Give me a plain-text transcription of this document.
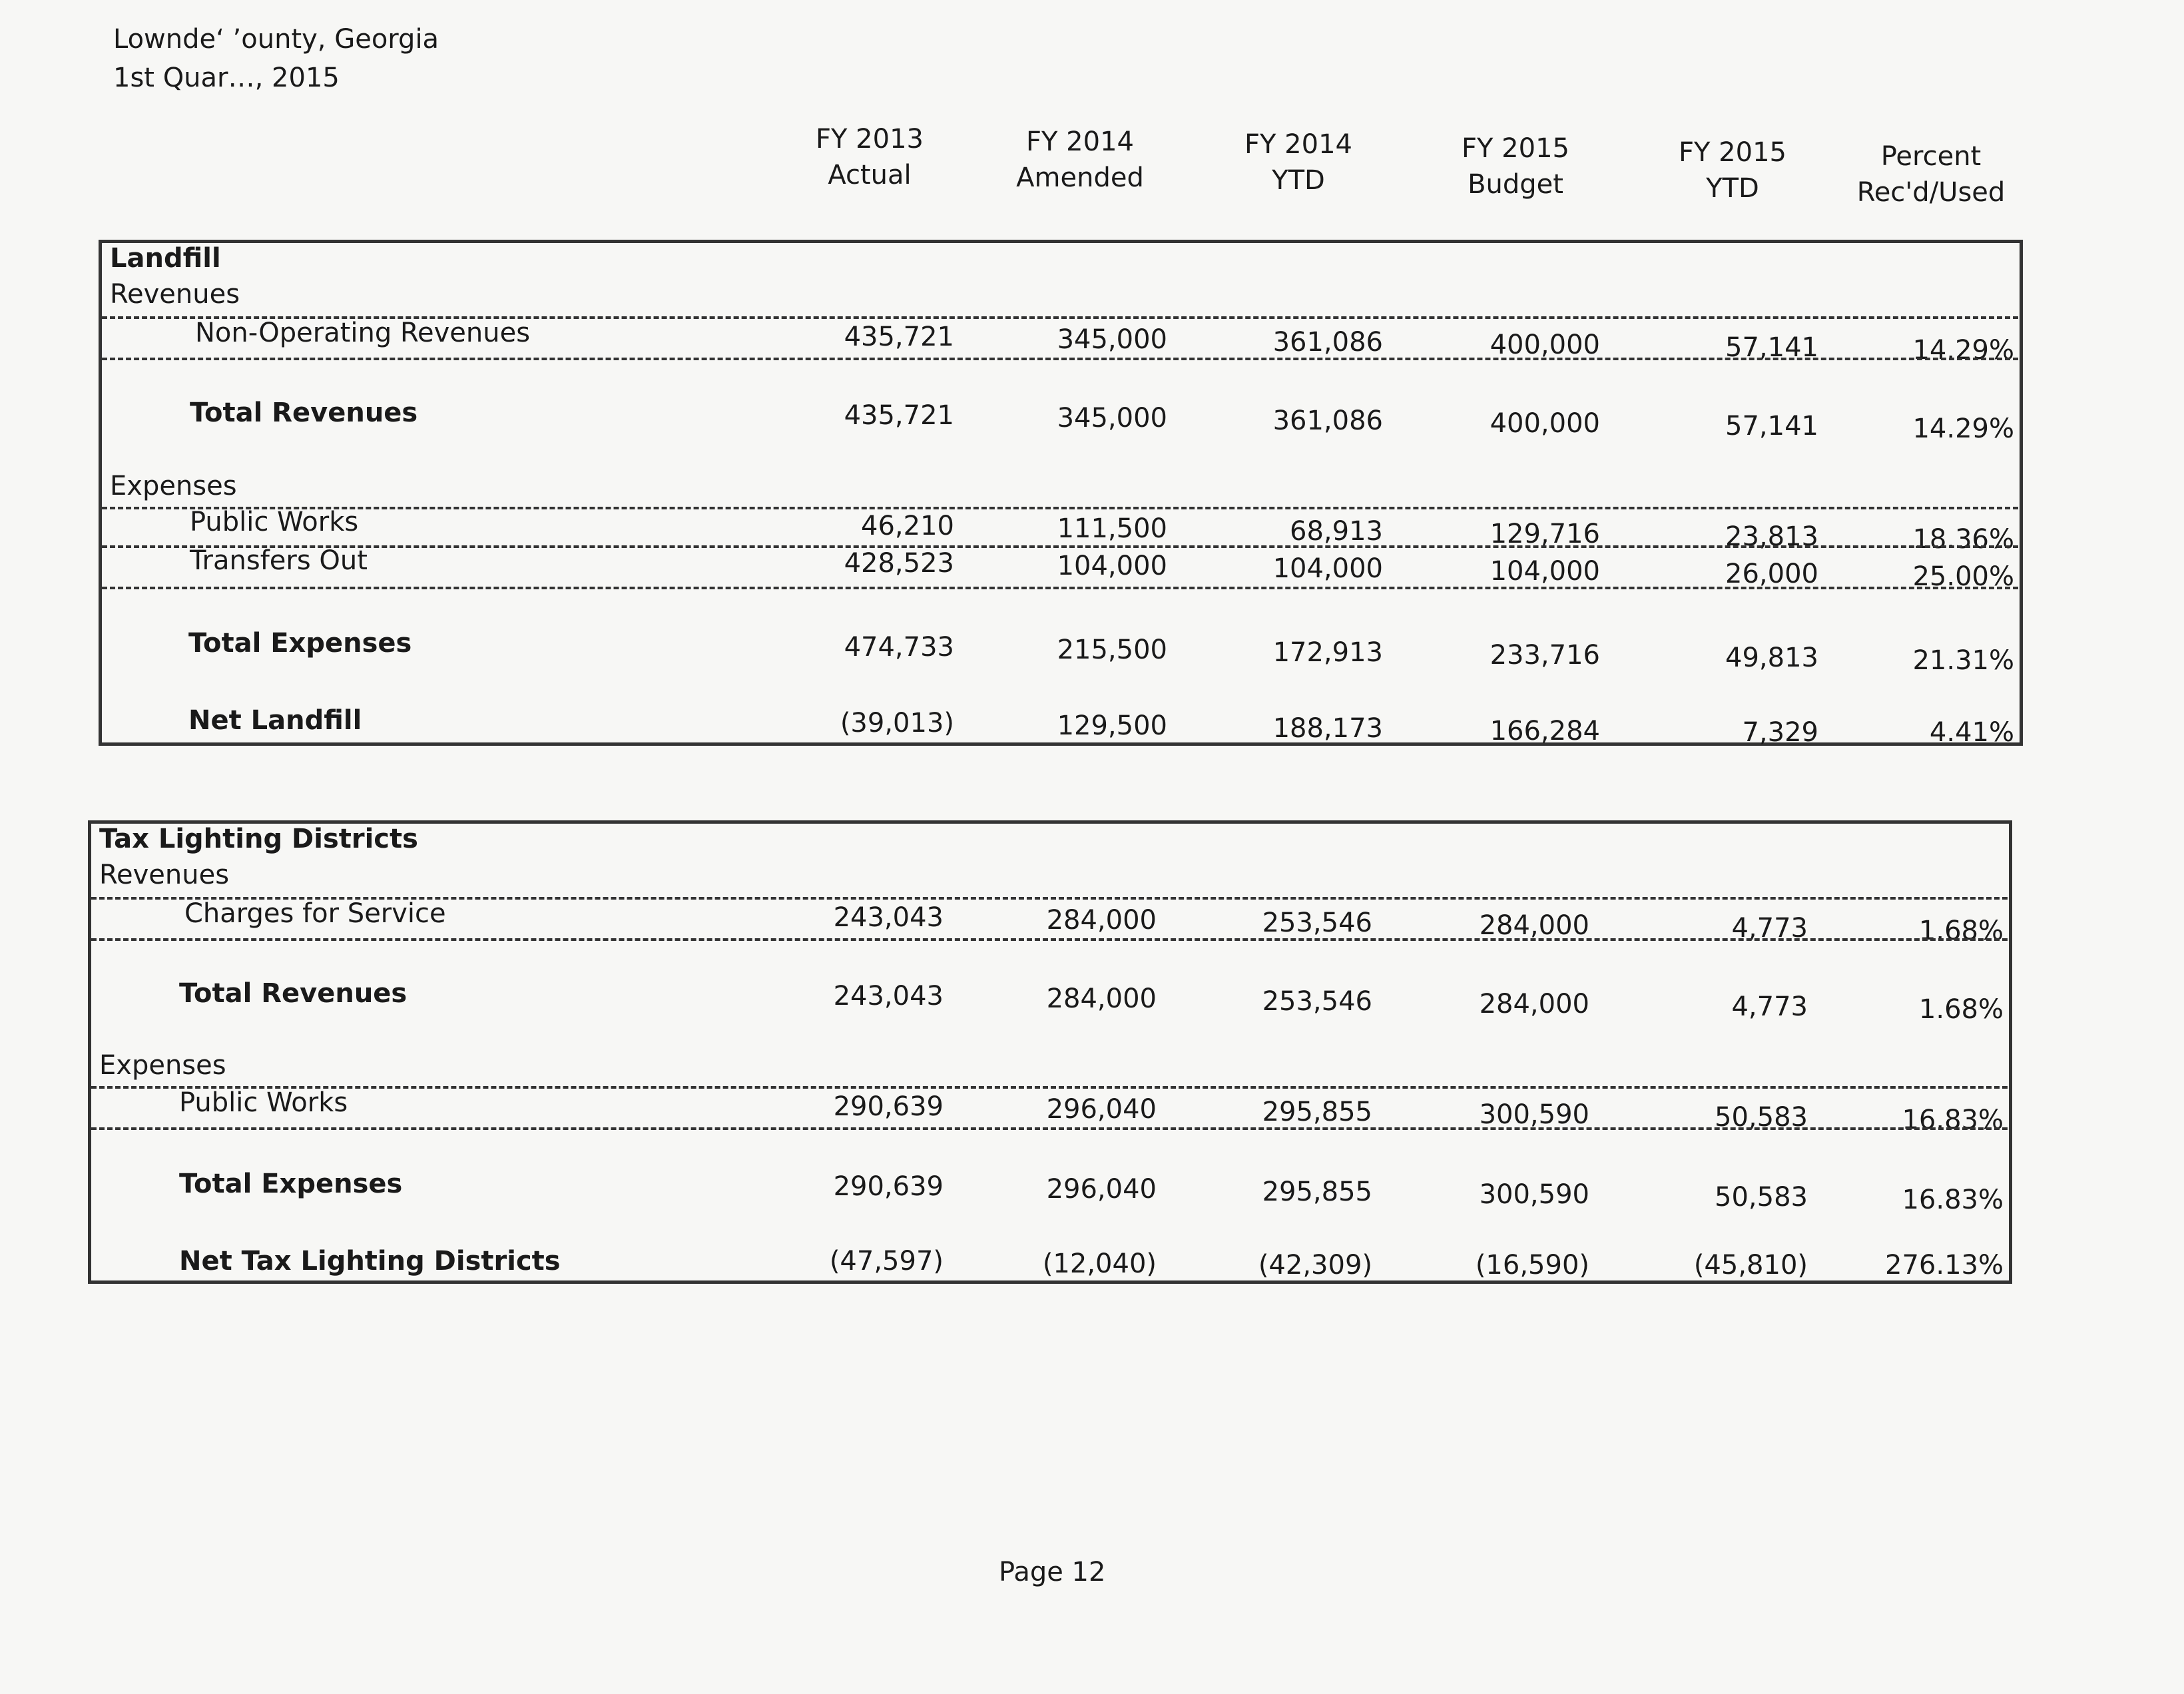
Lowndeʻ ʼounty, Georgia
1st Quar․․․, 2015
FY 2013
Actual
FY 2014
Amended
FY 2014
YTD
FY 2015
Budget
FY 2015
YTD
Percent
Rec'd/Used
Landfill
Revenues
Non-Operating Revenues	435,721	345,000	361,086	400,000	57,141	14.29%
Total Revenues	435,721	345,000	361,086	400,000	57,141	14.29%
Expenses
Public Works	46,210	111,500	68,913	129,716	23,813	18.36%
Transfers Out	428,523	104,000	104,000	104,000	26,000	25.00%
Total Expenses	474,733	215,500	172,913	233,716	49,813	21.31%
Net Landfill	(39,013)	129,500	188,173	166,284	7,329	4.41%
Tax Lighting Districts
Revenues
Charges for Service	243,043	284,000	253,546	284,000	4,773	1.68%
Total Revenues	243,043	284,000	253,546	284,000	4,773	1.68%
Expenses
Public Works	290,639	296,040	295,855	300,590	50,583	16.83%
Total Expenses	290,639	296,040	295,855	300,590	50,583	16.83%
Net Tax Lighting Districts	(47,597)	(12,040)	(42,309)	(16,590)	(45,810)	276.13%
Page 12
